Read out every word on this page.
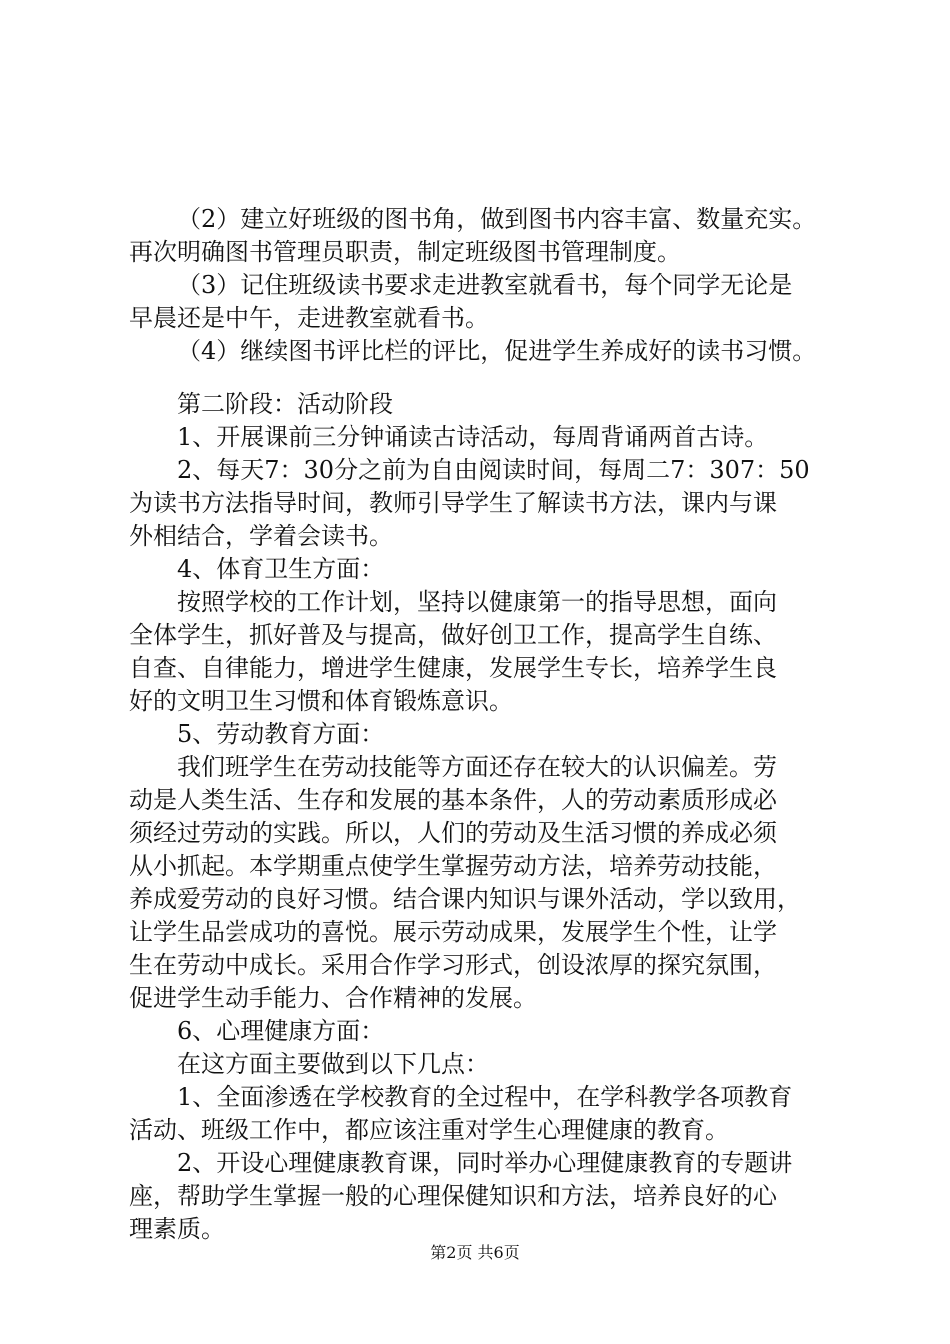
（2）建立好班级的图书角，做到图书内容丰富、数量充实。
再次明确图书管理员职责，制定班级图书管理制度。
（3）记住班级读书要求走进教室就看书，每个同学无论是
早晨还是中午，走进教室就看书。
（4）继续图书评比栏的评比，促进学生养成好的读书习惯。
第二阶段：活动阶段
1、开展课前三分钟诵读古诗活动，每周背诵两首古诗。
2、每天7：30分之前为自由阅读时间，每周二7：307：50
为读书方法指导时间，教师引导学生了解读书方法，课内与课
外相结合，学着会读书。
4、体育卫生方面：
按照学校的工作计划，坚持以健康第一的指导思想，面向
全体学生，抓好普及与提高，做好创卫工作，提高学生自练、
自查、自律能力，增进学生健康，发展学生专长，培养学生良
好的文明卫生习惯和体育锻炼意识。
5、劳动教育方面：
我们班学生在劳动技能等方面还存在较大的认识偏差。劳
动是人类生活、生存和发展的基本条件，人的劳动素质形成必
须经过劳动的实践。所以，人们的劳动及生活习惯的养成必须
从小抓起。本学期重点使学生掌握劳动方法，培养劳动技能，
养成爱劳动的良好习惯。结合课内知识与课外活动，学以致用，
让学生品尝成功的喜悦。展示劳动成果，发展学生个性，让学
生在劳动中成长。采用合作学习形式，创设浓厚的探究氛围，
促进学生动手能力、合作精神的发展。
6、心理健康方面：
在这方面主要做到以下几点：
1、全面渗透在学校教育的全过程中，在学科教学各项教育
活动、班级工作中，都应该注重对学生心理健康的教育。
2、开设心理健康教育课，同时举办心理健康教育的专题讲
座，帮助学生掌握一般的心理保健知识和方法，培养良好的心
理素质。
第2页 共6页
